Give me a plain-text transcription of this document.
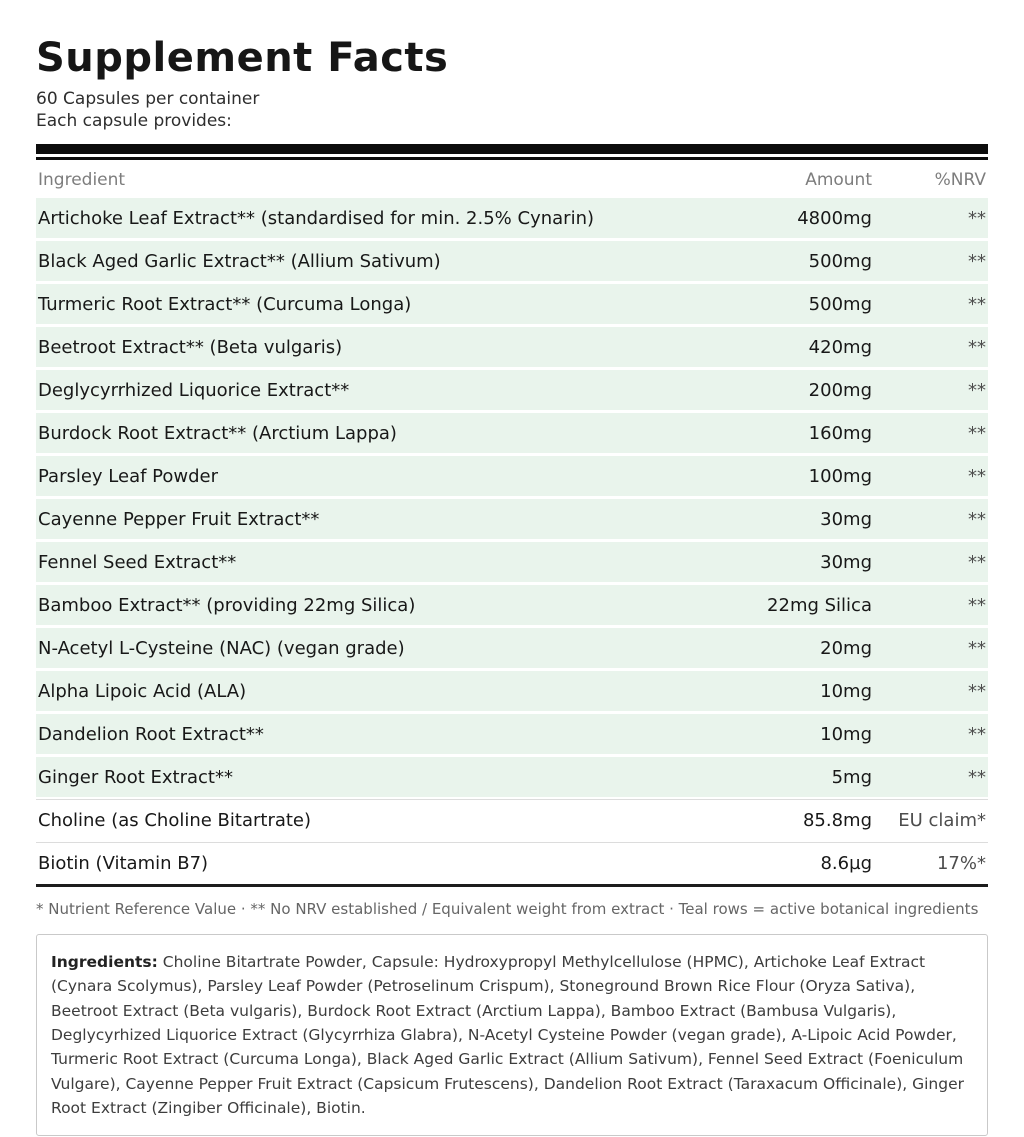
Supplement Facts
60 Capsules per container
Each capsule provides:
Ingredient	Amount	%NRV
Artichoke Leaf Extract** (standardised for min. 2.5% Cynarin)	4800mg	**
Black Aged Garlic Extract** (Allium Sativum)	500mg	**
Turmeric Root Extract** (Curcuma Longa)	500mg	**
Beetroot Extract** (Beta vulgaris)	420mg	**
Deglycyrrhized Liquorice Extract**	200mg	**
Burdock Root Extract** (Arctium Lappa)	160mg	**
Parsley Leaf Powder	100mg	**
Cayenne Pepper Fruit Extract**	30mg	**
Fennel Seed Extract**	30mg	**
Bamboo Extract** (providing 22mg Silica)	22mg Silica	**
N-Acetyl L-Cysteine (NAC) (vegan grade)	20mg	**
Alpha Lipoic Acid (ALA)	10mg	**
Dandelion Root Extract**	10mg	**
Ginger Root Extract**	5mg	**
Choline (as Choline Bitartrate)	85.8mg	EU claim*
Biotin (Vitamin B7)	8.6µg	17%*
* Nutrient Reference Value · ** No NRV established / Equivalent weight from extract · Teal rows = active botanical ingredients
Ingredients: Choline Bitartrate Powder, Capsule: Hydroxypropyl Methylcellulose (HPMC), Artichoke Leaf Extract (Cynara Scolymus), Parsley Leaf Powder (Petroselinum Crispum), Stoneground Brown Rice Flour (Oryza Sativa), Beetroot Extract (Beta vulgaris), Burdock Root Extract (Arctium Lappa), Bamboo Extract (Bambusa Vulgaris), Deglycyrhized Liquorice Extract (Glycyrrhiza Glabra), N-Acetyl Cysteine Powder (vegan grade), A-Lipoic Acid Powder, Turmeric Root Extract (Curcuma Longa), Black Aged Garlic Extract (Allium Sativum), Fennel Seed Extract (Foeniculum Vulgare), Cayenne Pepper Fruit Extract (Capsicum Frutescens), Dandelion Root Extract (Taraxacum Officinale), Ginger Root Extract (Zingiber Officinale), Biotin.
